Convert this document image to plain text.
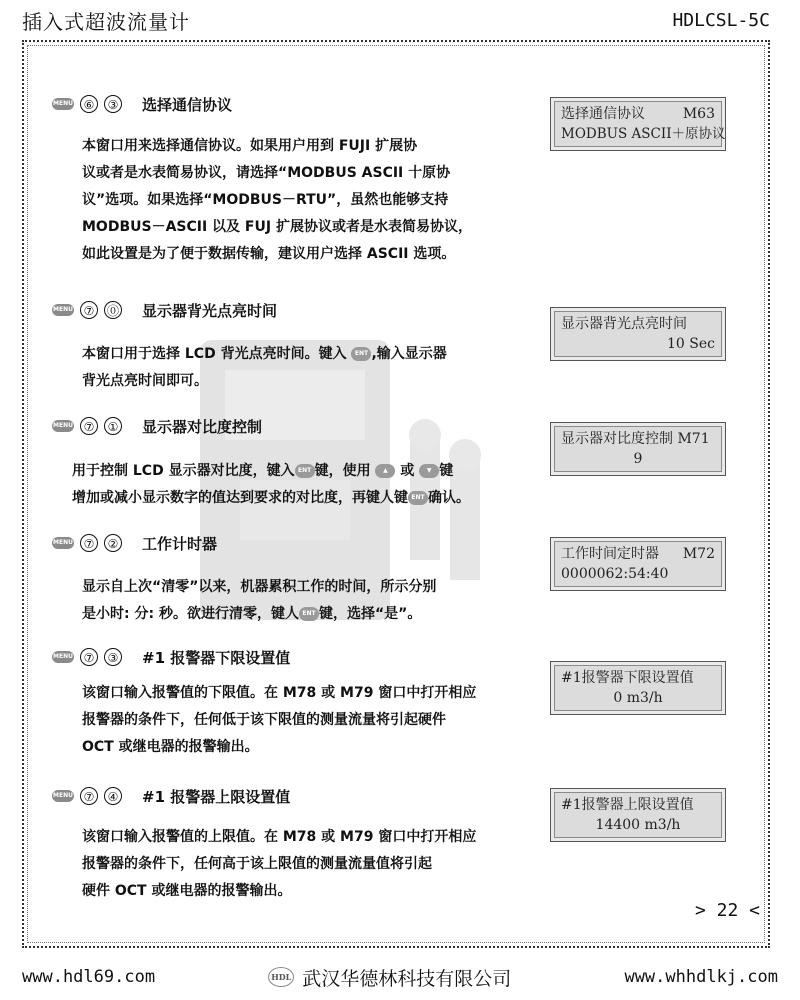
插入式超波流量计	HDLCSL-5C
MENU ⑥	③ 选择通信协议
选择通信协议	M63
MODBUS ASCII＋原协议

本窗口用来选择通信协议。如果用户用到 FUJI 扩展协

议或者是水表简易协议，请选择“MODBUS ASCII 十原协

议”选项。如果选择“MODBUS－RTU”，虽然也能够支持

MODBUS－ASCII 以及 FUJ 扩展协议或者是水表简易协议，

如此设置是为了便于数据传输，建议用户选择 ASCII 选项。

MENU ⑦	⓪ 显示器背光点亮时间
显示器背光点亮时间
10 Sec

本窗口用于选择 LCD 背光点亮时间。键入 ENT ,输入显示器

背光点亮时间即可。

MENU ⑦	① 显示器对比度控制
显示器对比度控制 M71
9

用于控制 LCD 显示器对比度，键入 ENT 键，使用 ▲ 或 ▼ 键

增加或减小显示数字的值达到要求的对比度，再键人键 ENT 确认。

MENU ⑦	② 工作计时器
工作时间定时器 M72
0000062:54:40

显示自上次“清零”以来，机器累积工作的时间，所示分别

是小时: 分: 秒。欲进行清零，键人 ENT 键，选择“是”。

MENU ⑦	③ #1 报警器下限设置值
#1报警器下限设置值
0 m3/h

该窗口输入报警值的下限值。在 M78 或 M79 窗口中打开相应

报警器的条件下，任何低于该下限值的测量流量将引起硬件

OCT 或继电器的报警输出。

MENU ⑦	④ #1 报警器上限设置值	#1报警器上限设置值
14400 m3/h

该窗口输入报警值的上限值。在 M78 或 M79 窗口中打开相应

报警器的条件下，任何高于该上限值的测量流量值将引起

硬件 OCT 或继电器的报警输出。

> 22 <
www.hdl69.com	HDL 武汉华德林科技有限公司	www.whhdlkj.com
